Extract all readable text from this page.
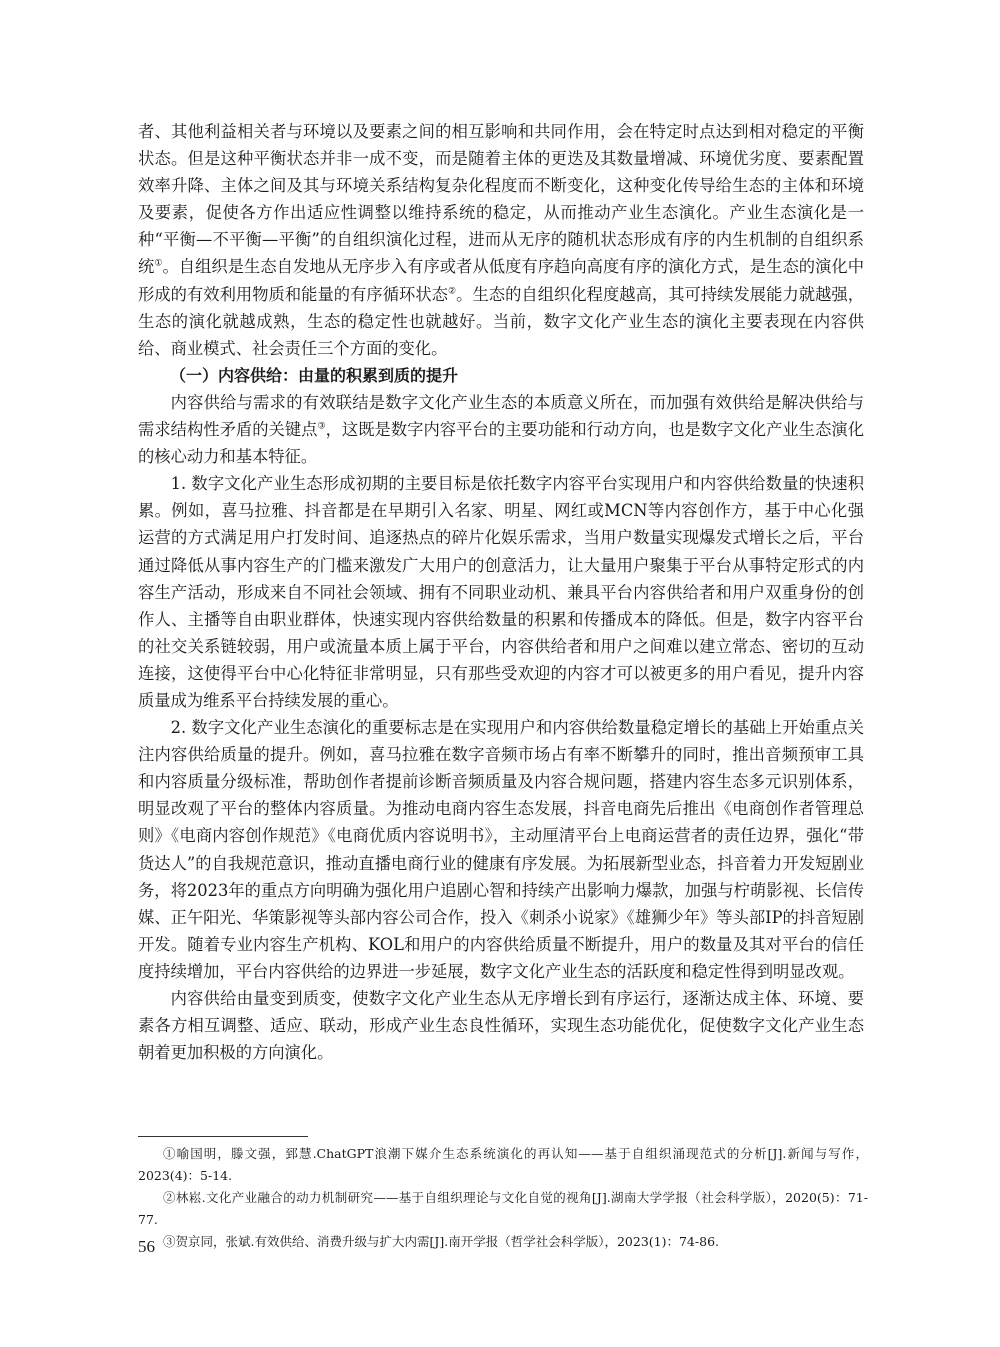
者、其他利益相关者与环境以及要素之间的相互影响和共同作用，会在特定时点达到相对稳定的平衡状态。但是这种平衡状态并非一成不变，而是随着主体的更迭及其数量增减、环境优劣度、要素配置效率升降、主体之间及其与环境关系结构复杂化程度而不断变化，这种变化传导给生态的主体和环境及要素，促使各方作出适应性调整以维持系统的稳定，从而推动产业生态演化。产业生态演化是一种“平衡—不平衡—平衡”的自组织演化过程，进而从无序的随机状态形成有序的内生机制的自组织系统①。自组织是生态自发地从无序步入有序或者从低度有序趋向高度有序的演化方式，是生态的演化中形成的有效利用物质和能量的有序循环状态②。生态的自组织化程度越高，其可持续发展能力就越强，生态的演化就越成熟，生态的稳定性也就越好。当前，数字文化产业生态的演化主要表现在内容供给、商业模式、社会责任三个方面的变化。

（一）内容供给：由量的积累到质的提升

内容供给与需求的有效联结是数字文化产业生态的本质意义所在，而加强有效供给是解决供给与需求结构性矛盾的关键点③，这既是数字内容平台的主要功能和行动方向，也是数字文化产业生态演化的核心动力和基本特征。

1. 数字文化产业生态形成初期的主要目标是依托数字内容平台实现用户和内容供给数量的快速积累。例如，喜马拉雅、抖音都是在早期引入名家、明星、网红或MCN等内容创作方，基于中心化强运营的方式满足用户打发时间、追逐热点的碎片化娱乐需求，当用户数量实现爆发式增长之后，平台通过降低从事内容生产的门槛来激发广大用户的创意活力，让大量用户聚集于平台从事特定形式的内容生产活动，形成来自不同社会领域、拥有不同职业动机、兼具平台内容供给者和用户双重身份的创作人、主播等自由职业群体，快速实现内容供给数量的积累和传播成本的降低。但是，数字内容平台的社交关系链较弱，用户或流量本质上属于平台，内容供给者和用户之间难以建立常态、密切的互动连接，这使得平台中心化特征非常明显，只有那些受欢迎的内容才可以被更多的用户看见，提升内容质量成为维系平台持续发展的重心。

2. 数字文化产业生态演化的重要标志是在实现用户和内容供给数量稳定增长的基础上开始重点关注内容供给质量的提升。例如，喜马拉雅在数字音频市场占有率不断攀升的同时，推出音频预审工具和内容质量分级标准，帮助创作者提前诊断音频质量及内容合规问题，搭建内容生态多元识别体系，明显改观了平台的整体内容质量。为推动电商内容生态发展，抖音电商先后推出《电商创作者管理总则》《电商内容创作规范》《电商优质内容说明书》，主动厘清平台上电商运营者的责任边界，强化“带货达人”的自我规范意识，推动直播电商行业的健康有序发展。为拓展新型业态，抖音着力开发短剧业务，将2023年的重点方向明确为强化用户追剧心智和持续产出影响力爆款，加强与柠萌影视、长信传媒、正午阳光、华策影视等头部内容公司合作，投入《刺杀小说家》《雄狮少年》等头部IP的抖音短剧开发。随着专业内容生产机构、KOL和用户的内容供给质量不断提升，用户的数量及其对平台的信任度持续增加，平台内容供给的边界进一步延展，数字文化产业生态的活跃度和稳定性得到明显改观。

内容供给由量变到质变，使数字文化产业生态从无序增长到有序运行，逐渐达成主体、环境、要素各方相互调整、适应、联动，形成产业生态良性循环，实现生态功能优化，促使数字文化产业生态朝着更加积极的方向演化。

①喻国明，滕文强，郅慧.ChatGPT浪潮下媒介生态系统演化的再认知——基于自组织涌现范式的分析[J].新闻与写作，2023(4)：5-14.

②林崧.文化产业融合的动力机制研究——基于自组织理论与文化自觉的视角[J].湖南大学学报（社会科学版），2020(5)：71-77.

③贺京同，张斌.有效供给、消费升级与扩大内需[J].南开学报（哲学社会科学版），2023(1)：74-86.

56
